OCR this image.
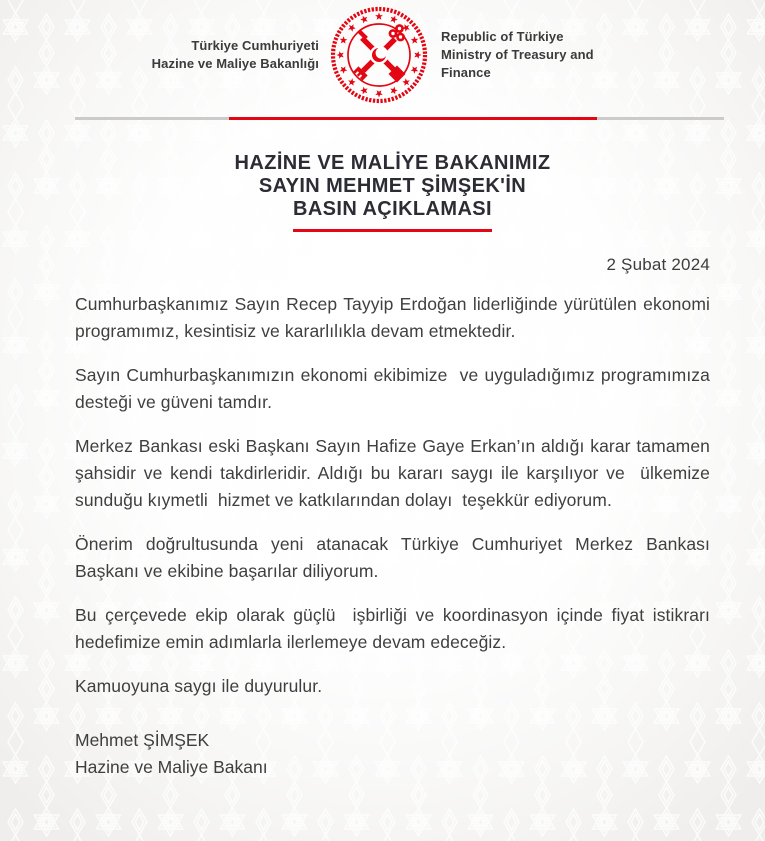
Türkiye Cumhuriyeti
Hazine ve Maliye Bakanlığı
Republic of Türkiye
Ministry of Treasury and Finance
HAZİNE VE MALİYE BAKANIMIZ
SAYIN MEHMET ŞİMŞEK'İN
BASIN AÇIKLAMASI
2 Şubat 2024

Cumhurbaşkanımız Sayın Recep Tayyip Erdoğan liderliğinde yürütülen ekonomi programımız, kesintisiz ve kararlılıkla devam etmektedir.

Sayın Cumhurbaşkanımızın ekonomi ekibimize  ve uyguladığımız programımıza desteği ve güveni tamdır.

Merkez Bankası eski Başkanı Sayın Hafize Gaye Erkan’ın aldığı karar tamamen şahsidir ve kendi takdirleridir. Aldığı bu kararı saygı ile karşılıyor ve  ülkemize sunduğu kıymetli  hizmet ve katkılarından dolayı  teşekkür ediyorum.

Önerim doğrultusunda yeni atanacak Türkiye Cumhuriyet Merkez Bankası  Başkanı ve ekibine başarılar diliyorum.

Bu çerçevede ekip olarak güçlü  işbirliği ve koordinasyon içinde fiyat istikrarı hedefimize emin adımlarla ilerlemeye devam edeceğiz.

Kamuoyuna saygı ile duyurulur.

Mehmet ŞİMŞEK
Hazine ve Maliye Bakanı
